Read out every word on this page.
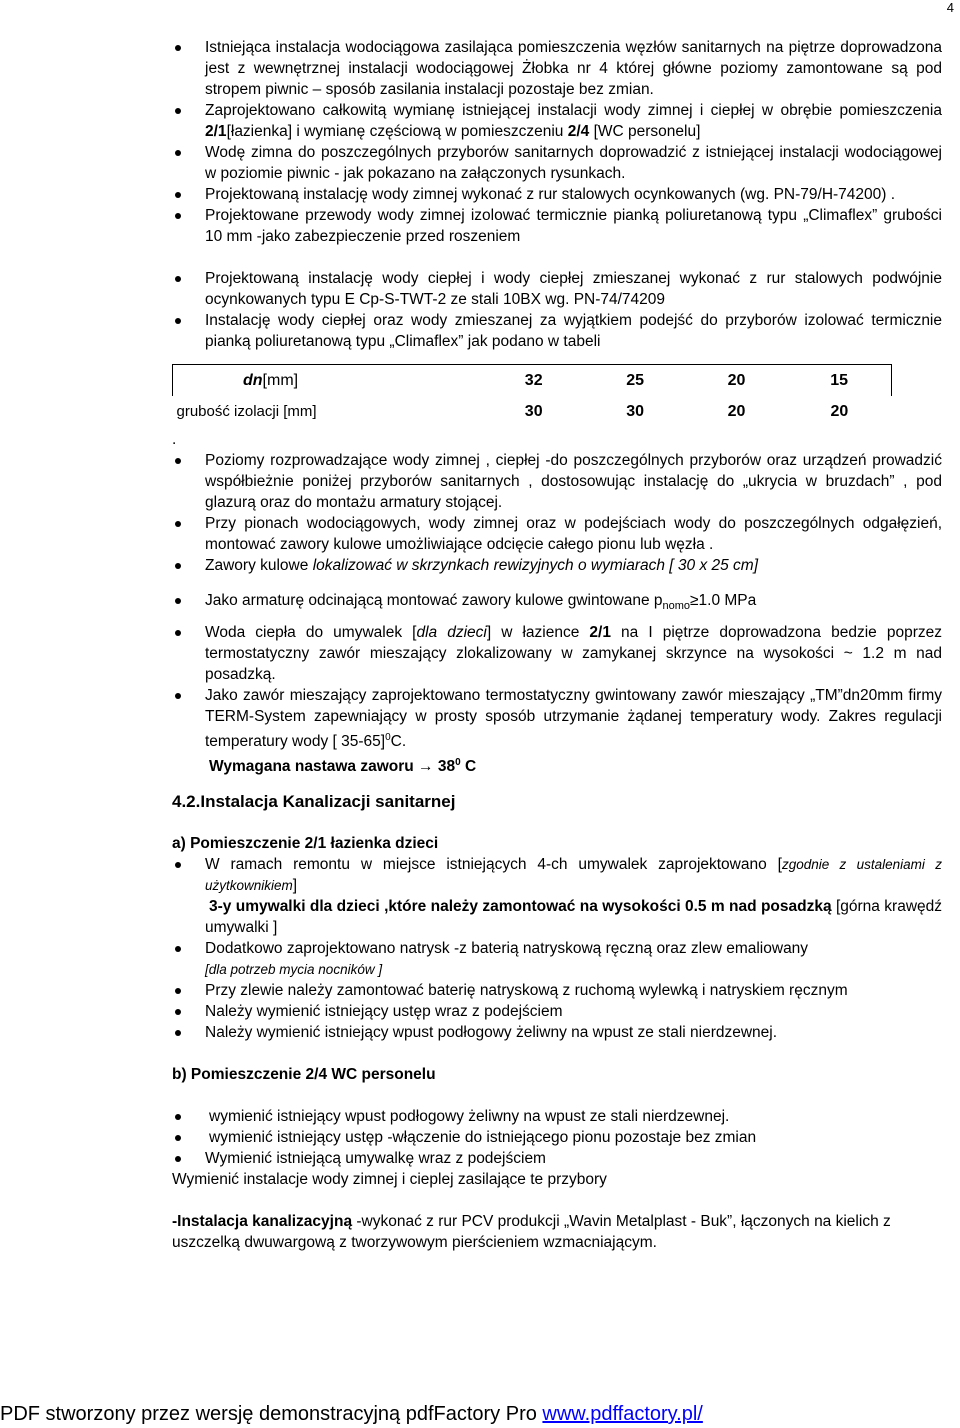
4
Istniejąca instalacja wodociągowa zasilająca pomieszczenia węzłów sanitarnych na piętrze doprowadzona jest z wewnętrznej instalacji wodociągowej Żłobka nr 4 której główne poziomy zamontowane są pod stropem piwnic – sposób zasilania instalacji pozostaje bez zmian.
Zaprojektowano całkowitą wymianę istniejącej instalacji wody zimnej i ciepłej w obrębie pomieszczenia 2/1[łazienka] i wymianę częściową w pomieszczeniu 2/4 [WC personelu]
Wodę zimna do poszczególnych przyborów sanitarnych doprowadzić z istniejącej instalacji wodociągowej w poziomie piwnic - jak pokazano na załączonych rysunkach.
Projektowaną instalację wody zimnej wykonać z rur stalowych ocynkowanych (wg. PN-79/H-74200) .
Projektowane przewody wody zimnej izolować termicznie pianką poliuretanową typu „Climaflex” grubości 10 mm -jako zabezpieczenie przed roszeniem
Projektowaną instalację wody ciepłej i wody ciepłej zmieszanej wykonać z rur stalowych podwójnie ocynkowanych typu E Cp-S-TWT-2 ze stali 10BX wg. PN-74/74209
Instalację wody ciepłej oraz wody zmieszanej za wyjątkiem podejść do przyborów izolować termicznie pianką poliuretanową typu „Climaflex” jak podano w tabeli
dn[mm]	32	25	20	15
grubość izolacji [mm]	30	30	20	20
.
Poziomy rozprowadzające wody zimnej , ciepłej -do poszczególnych przyborów oraz urządzeń prowadzić współbieżnie poniżej przyborów sanitarnych , dostosowując instalację do „ukrycia w bruzdach” , pod glazurą oraz do montażu armatury stojącej.
Przy pionach wodociągowych, wody zimnej oraz w podejściach wody do poszczególnych odgałęzień, montować zawory kulowe umożliwiające odcięcie całego pionu lub węzła .
Zawory kulowe lokalizować w skrzynkach rewizyjnych o wymiarach [ 30 x 25 cm]
Jako armaturę odcinającą montować zawory kulowe gwintowane $p_{nomo}\ge 1.0$ MPa
Woda ciepła do umywalek [dla dzieci] w łazience 2/1 na I piętrze doprowadzona bedzie poprzez termostatyczny zawór mieszający zlokalizowany w zamykanej skrzynce na wysokości ~ 1.2 m nad posadzką.
Jako zawór mieszający zaprojektowano termostatyczny gwintowany zawór mieszający „TM”dn20mm firmy TERM-System zapewniający w prosty sposób utrzymanie żądanej temperatury wody. Zakres regulacji temperatury wody [ 35-65]$^0$C.
Wymagana nastawa zaworu → $38^0$ C
4.2.Instalacja Kanalizacji sanitarnej
a) Pomieszczenie 2/1 łazienka dzieci
W ramach remontu w miejsce istniejących 4-ch umywalek zaprojektowano [zgodnie z ustaleniami z użytkownikiem]
3-y umywalki dla dzieci ,które należy zamontować na wysokości 0.5 m nad posadzką [górna krawędź umywalki ]
Dodatkowo zaprojektowano natrysk -z baterią natryskową ręczną oraz zlew emaliowany
[dla potrzeb mycia nocników ]
Przy zlewie należy zamontować baterię natryskową z ruchomą wylewką i natryskiem ręcznym
Należy wymienić istniejący ustęp wraz z podejściem
Należy wymienić istniejący wpust podłogowy żeliwny na wpust ze stali nierdzewnej.
b) Pomieszczenie 2/4 WC personelu
wymienić istniejący wpust podłogowy żeliwny na wpust ze stali nierdzewnej.
wymienić istniejący ustęp -włączenie do istniejącego pionu pozostaje bez zmian
Wymienić istniejącą umywalkę wraz z podejściem
Wymienić instalacje wody zimnej i cieplej zasilające te przybory
-Instalacja kanalizacyjną -wykonać z rur PCV produkcji „Wavin Metalplast - Buk”, łączonych na kielich z uszczelką dwuwargową z tworzywowym pierścieniem wzmacniającym.
PDF stworzony przez wersję demonstracyjną pdfFactory Pro www.pdffactory.pl/
